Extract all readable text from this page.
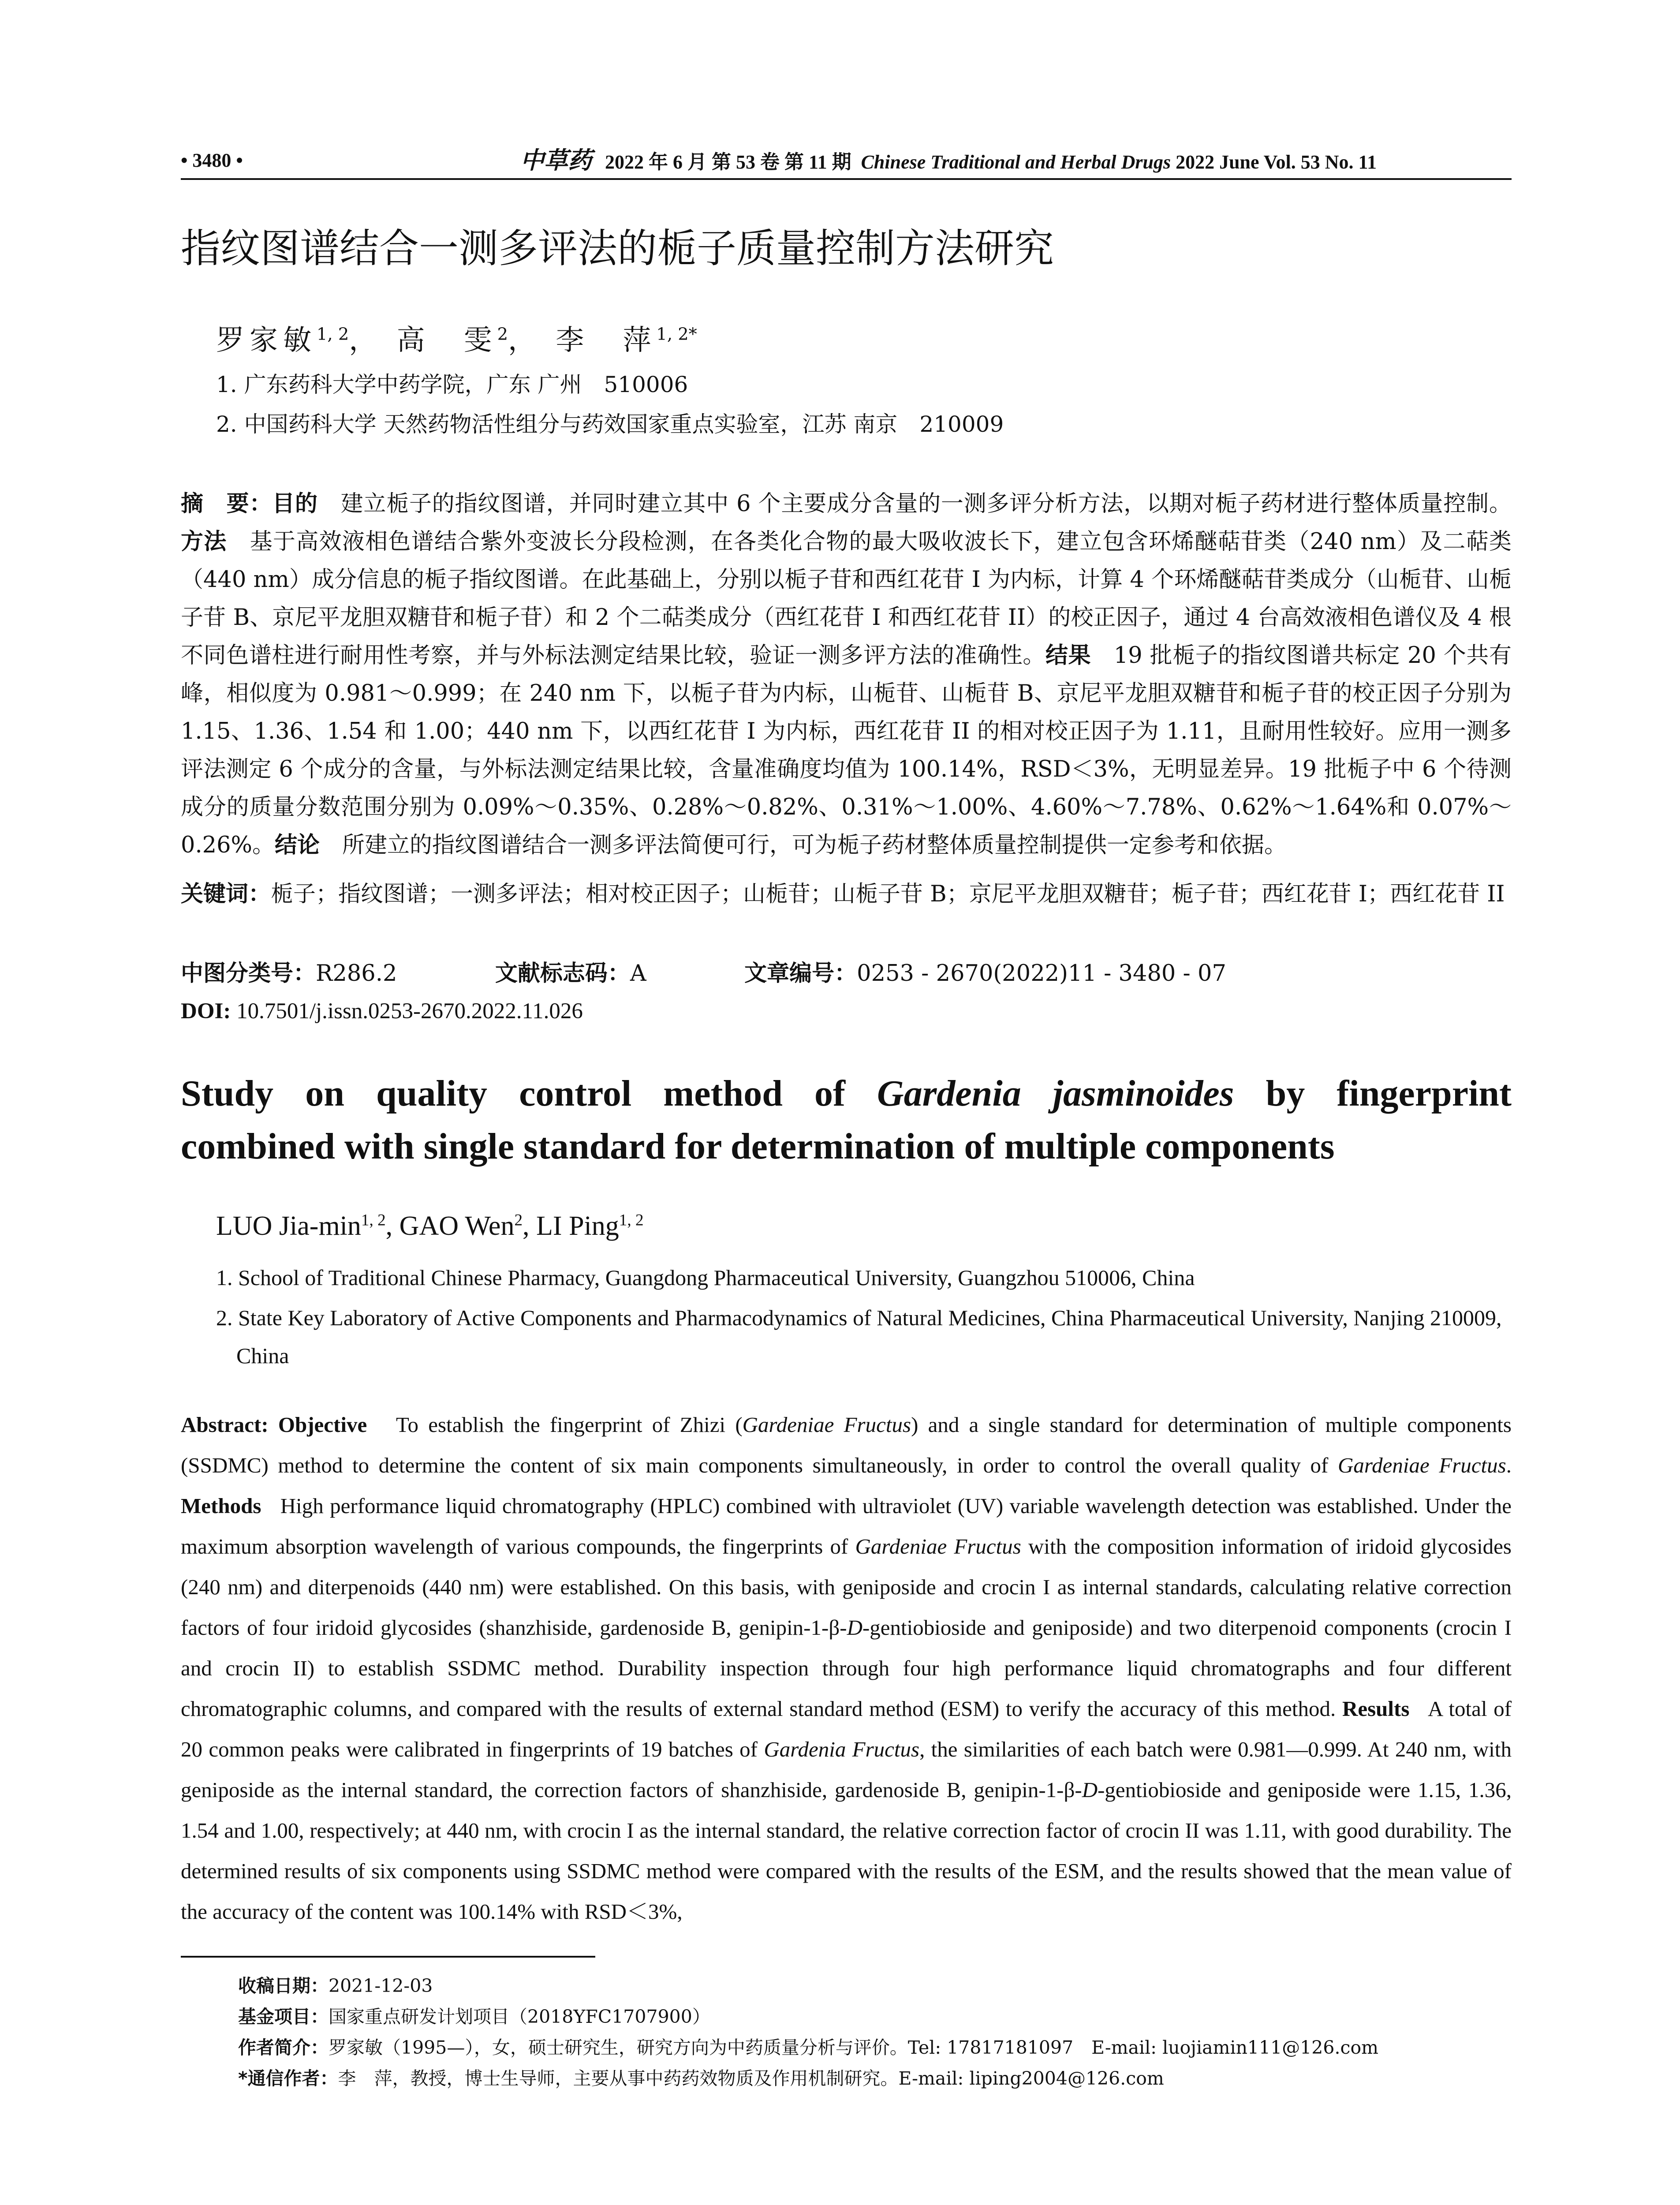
• 3480 •	中草药 2022 年 6 月 第 53 卷 第 11 期 Chinese Traditional and Herbal Drugs 2022 June Vol. 53 No. 11
指纹图谱结合一测多评法的栀子质量控制方法研究
罗家敏$^{1, 2}$， 高　雯$^2$， 李　萍$^{1, 2*}$
1. 广东药科大学中药学院，广东 广州　510006
2. 中国药科大学 天然药物活性组分与药效国家重点实验室，江苏 南京　210009
摘　要：目的　 建立栀子的指纹图谱，并同时建立其中 6 个主要成分含量的一测多评分析方法，以期对栀子药材进行整体质量控制。方法　 基于高效液相色谱结合紫外变波长分段检测，在各类化合物的最大吸收波长下，建立包含环烯醚萜苷类（240 nm）及二萜类（440 nm）成分信息的栀子指纹图谱。在此基础上，分别以栀子苷和西红花苷 I 为内标，计算 4 个环烯醚萜苷类成分（山栀苷、山栀子苷 B、京尼平龙胆双糖苷和栀子苷）和 2 个二萜类成分（西红花苷 I 和西红花苷 II）的校正因子，通过 4 台高效液相色谱仪及 4 根不同色谱柱进行耐用性考察，并与外标法测定结果比较，验证一测多评方法的准确性。结果　 19 批栀子的指纹图谱共标定 20 个共有峰，相似度为 0.981～0.999；在 240 nm 下，以栀子苷为内标，山栀苷、山栀苷 B、京尼平龙胆双糖苷和栀子苷的校正因子分别为 1.15、1.36、1.54 和 1.00；440 nm 下，以西红花苷 I 为内标，西红花苷 II 的相对校正因子为 1.11，且耐用性较好。应用一测多评法测定 6 个成分的含量，与外标法测定结果比较，含量准确度均值为 100.14%，RSD＜3%，无明显差异。19 批栀子中 6 个待测成分的质量分数范围分别为 0.09%～0.35%、0.28%～0.82%、0.31%～1.00%、4.60%～7.78%、0.62%～1.64%和 0.07%～0.26%。结论　 所建立的指纹图谱结合一测多评法简便可行，可为栀子药材整体质量控制提供一定参考和依据。
关键词：栀子；指纹图谱；一测多评法；相对校正因子；山栀苷；山栀子苷 B；京尼平龙胆双糖苷；栀子苷；西红花苷 I；西红花苷 II
中图分类号：R286.2	文献标志码：A	文章编号：0253 - 2670(2022)11 - 3480 - 07
DOI: 10.7501/j.issn.0253-2670.2022.11.026
Study on quality control method of Gardenia jasminoides by fingerprint
combined with single standard for determination of multiple components
LUO Jia-$\min^{1, 2}$, GAO Wen$^2$, LI Ping$^{1, 2}$
1. School of Traditional Chinese Pharmacy, Guangdong Pharmaceutical University, Guangzhou 510006, China
2. State Key Laboratory of Active Components and Pharmacodynamics of Natural Medicines, China Pharmaceutical University, Nanjing 210009, China
Abstract: Objective To establish the fingerprint of Zhizi (Gardeniae Fructus) and a single standard for determination of multiple components (SSDMC) method to determine the content of six main components simultaneously, in order to control the overall quality of Gardeniae Fructus. Methods High performance liquid chromatography (HPLC) combined with ultraviolet (UV) variable wavelength detection was established. Under the maximum absorption wavelength of various compounds, the fingerprints of Gardeniae Fructus with the composition information of iridoid glycosides (240 nm) and diterpenoids (440 nm) were established. On this basis, with geniposide and crocin I as internal standards, calculating relative correction factors of four iridoid glycosides (shanzhiside, gardenoside B, genipin-1-β-D-gentiobioside and geniposide) and two diterpenoid components (crocin I and crocin II) to establish SSDMC method. Durability inspection through four high performance liquid chromatographs and four different chromatographic columns, and compared with the results of external standard method (ESM) to verify the accuracy of this method. Results A total of 20 common peaks were calibrated in fingerprints of 19 batches of Gardenia Fructus, the similarities of each batch were 0.981—0.999. At 240 nm, with geniposide as the internal standard, the correction factors of shanzhiside, gardenoside B, genipin-1-β-D-gentiobioside and geniposide were 1.15, 1.36, 1.54 and 1.00, respectively; at 440 nm, with crocin I as the internal standard, the relative correction factor of crocin II was 1.11, with good durability. The determined results of six components using SSDMC method were compared with the results of the ESM, and the results showed that the mean value of the accuracy of the content was 100.14% with RSD＜3%,
收稿日期：2021-12-03
基金项目：国家重点研发计划项目（2018YFC1707900）
作者简介：罗家敏（1995—），女，硕士研究生，研究方向为中药质量分析与评价。Tel: 17817181097　E-mail: luojiamin111@126.com
*通信作者：李　萍，教授，博士生导师，主要从事中药药效物质及作用机制研究。E-mail: liping2004@126.com
